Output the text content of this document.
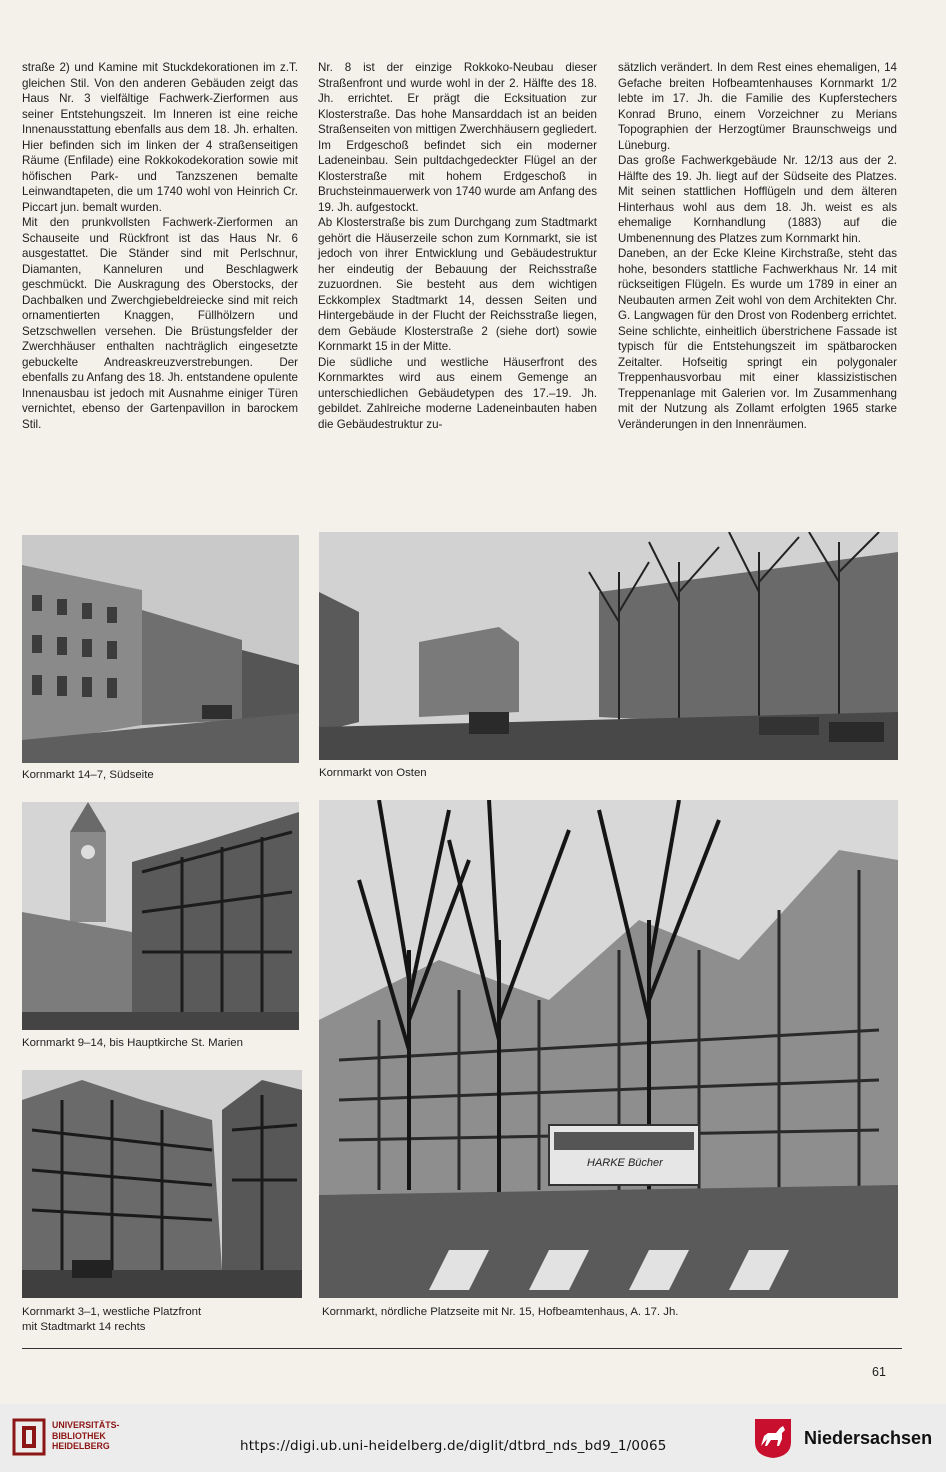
straße 2) und Kamine mit Stuckdekorationen im z.T. gleichen Stil. Von den anderen Gebäuden zeigt das Haus Nr. 3 vielfältige Fachwerk-Zierformen aus seiner Entstehungszeit. Im Inneren ist eine reiche Innenausstattung ebenfalls aus dem 18. Jh. erhalten. Hier befinden sich im linken der 4 straßenseitigen Räume (Enfilade) eine Rokkokodekoration sowie mit höfischen Park- und Tanzszenen bemalte Leinwandtapeten, die um 1740 wohl von Heinrich Cr. Piccart jun. bemalt wurden.

Mit den prunkvollsten Fachwerk-Zierformen an Schauseite und Rückfront ist das Haus Nr. 6 ausgestattet. Die Ständer sind mit Perlschnur, Diamanten, Kanneluren und Beschlagwerk geschmückt. Die Auskragung des Oberstocks, der Dachbalken und Zwerchgiebeldreiecke sind mit reich ornamentierten Knaggen, Füllhölzern und Setzschwellen versehen. Die Brüstungsfelder der Zwerchhäuser enthalten nachträglich eingesetzte gebuckelte Andreaskreuzverstrebungen. Der ebenfalls zu Anfang des 18. Jh. entstandene opulente Innenausbau ist jedoch mit Ausnahme einiger Türen vernichtet, ebenso der Gartenpavillon in barockem Stil.

Nr. 8 ist der einzige Rokkoko-Neubau dieser Straßenfront und wurde wohl in der 2. Hälfte des 18. Jh. errichtet. Er prägt die Ecksituation zur Klosterstraße. Das hohe Mansarddach ist an beiden Straßenseiten von mittigen Zwerchhäusern gegliedert. Im Erdgeschoß befindet sich ein moderner Ladeneinbau. Sein pultdachgedeckter Flügel an der Klosterstraße mit hohem Erdgeschoß in Bruchsteinmauerwerk von 1740 wurde am Anfang des 19. Jh. aufgestockt.

Ab Klosterstraße bis zum Durchgang zum Stadtmarkt gehört die Häuserzeile schon zum Kornmarkt, sie ist jedoch von ihrer Entwicklung und Gebäudestruktur her eindeutig der Bebauung der Reichsstraße zuzuordnen. Sie besteht aus dem wichtigen Eckkomplex Stadtmarkt 14, dessen Seiten und Hintergebäude in der Flucht der Reichsstraße liegen, dem Gebäude Klosterstraße 2 (siehe dort) sowie Kornmarkt 15 in der Mitte.

Die südliche und westliche Häuserfront des Kornmarktes wird aus einem Gemenge an unterschiedlichen Gebäudetypen des 17.–19. Jh. gebildet. Zahlreiche moderne Ladeneinbauten haben die Gebäudestruktur zu-

sätzlich verändert. In dem Rest eines ehemaligen, 14 Gefache breiten Hofbeamtenhauses Kornmarkt 1/2 lebte im 17. Jh. die Familie des Kupferstechers Konrad Bruno, einem Vorzeichner zu Merians Topographien der Herzogtümer Braunschweigs und Lüneburg.

Das große Fachwerkgebäude Nr. 12/13 aus der 2. Hälfte des 19. Jh. liegt auf der Südseite des Platzes. Mit seinen stattlichen Hofflügeln und dem älteren Hinterhaus wohl aus dem 18. Jh. weist es als ehemalige Kornhandlung (1883) auf die Umbenennung des Platzes zum Kornmarkt hin.

Daneben, an der Ecke Kleine Kirchstraße, steht das hohe, besonders stattliche Fachwerkhaus Nr. 14 mit rückseitigen Flügeln. Es wurde um 1789 in einer an Neubauten armen Zeit wohl von dem Architekten Chr. G. Langwagen für den Drost von Rodenberg errichtet. Seine schlichte, einheitlich überstrichene Fassade ist typisch für die Entstehungszeit im spätbarocken Zeitalter. Hofseitig springt ein polygonaler Treppenhausvorbau mit einer klassizistischen Treppenanlage mit Galerien vor. Im Zusammenhang mit der Nutzung als Zollamt erfolgten 1965 starke Veränderungen in den Innenräumen.

Kornmarkt 14–7, Südseite	Kornmarkt von Osten
Kornmarkt 9–14, bis Hauptkirche St. Marien
Kornmarkt 3–1, westliche Platzfront
mit Stadtmarkt 14 rechts
HARKE Bücher
Kornmarkt, nördliche Platzseite mit Nr. 15, Hofbeamtenhaus, A. 17. Jh.
61
UNIVERSITÄTS-
BIBLIOTHEK
HEIDELBERG	https://digi.ub.uni-heidelberg.de/diglit/dtbrd_nds_bd9_1/0065	Niedersachsen
